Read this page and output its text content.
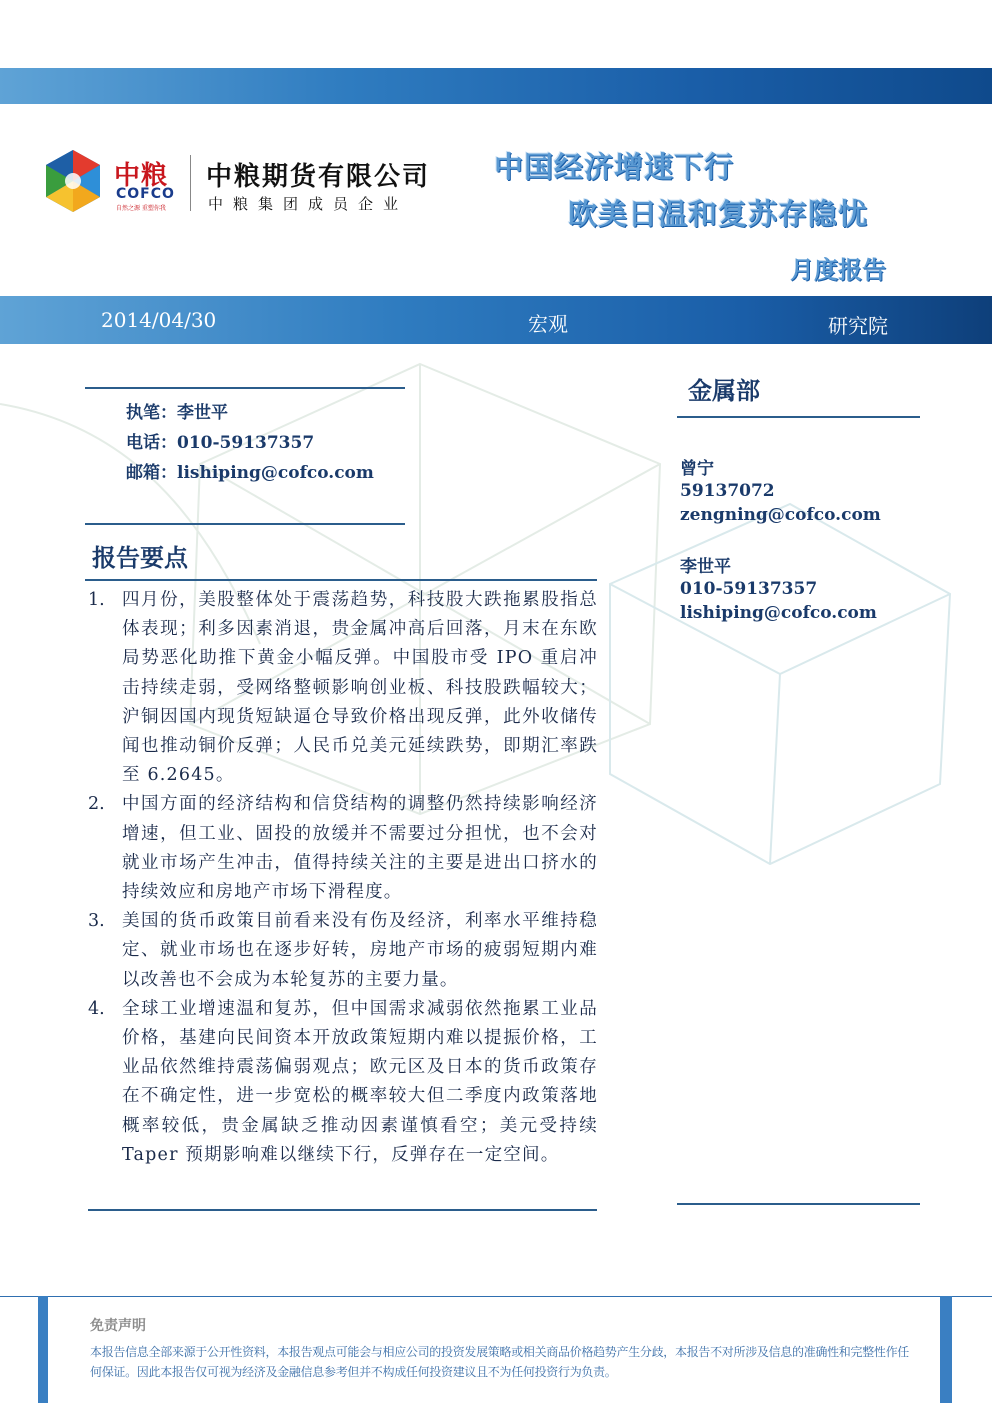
中粮
COFCO
自然之源 重塑你我
中粮期货有限公司
中粮集团成员企业
中国经济增速下行
欧美日温和复苏存隐忧
月度报告
2014/04/30	宏观	研究院
执笔：李世平
电话：010-59137357
邮箱：lishiping@cofco.com
报告要点
1. 四月份，美股整体处于震荡趋势，科技股大跌拖累股指总体表现；利多因素消退，贵金属冲高后回落，月末在东欧局势恶化助推下黄金小幅反弹。中国股市受 IPO 重启冲击持续走弱，受网络整顿影响创业板、科技股跌幅较大；沪铜因国内现货短缺逼仓导致价格出现反弹，此外收储传闻也推动铜价反弹；人民币兑美元延续跌势，即期汇率跌至 6.2645。
2. 中国方面的经济结构和信贷结构的调整仍然持续影响经济增速，但工业、固投的放缓并不需要过分担忧，也不会对就业市场产生冲击，值得持续关注的主要是进出口挤水的持续效应和房地产市场下滑程度。
3. 美国的货币政策目前看来没有伤及经济，利率水平维持稳定、就业市场也在逐步好转，房地产市场的疲弱短期内难以改善也不会成为本轮复苏的主要力量。
4. 全球工业增速温和复苏，但中国需求减弱依然拖累工业品价格，基建向民间资本开放政策短期内难以提振价格，工业品依然维持震荡偏弱观点；欧元区及日本的货币政策存在不确定性，进一步宽松的概率较大但二季度内政策落地概率较低，贵金属缺乏推动因素谨慎看空；美元受持续 Taper 预期影响难以继续下行，反弹存在一定空间。
金属部
曾宁
59137072
zengning@cofco.com
李世平
010-59137357
lishiping@cofco.com
免责声明
本报告信息全部来源于公开性资料，本报告观点可能会与相应公司的投资发展策略或相关商品价格趋势产生分歧，本报告不对所涉及信息的准确性和完整性作任何保证。因此本报告仅可视为经济及金融信息参考但并不构成任何投资建议且不为任何投资行为负责。
